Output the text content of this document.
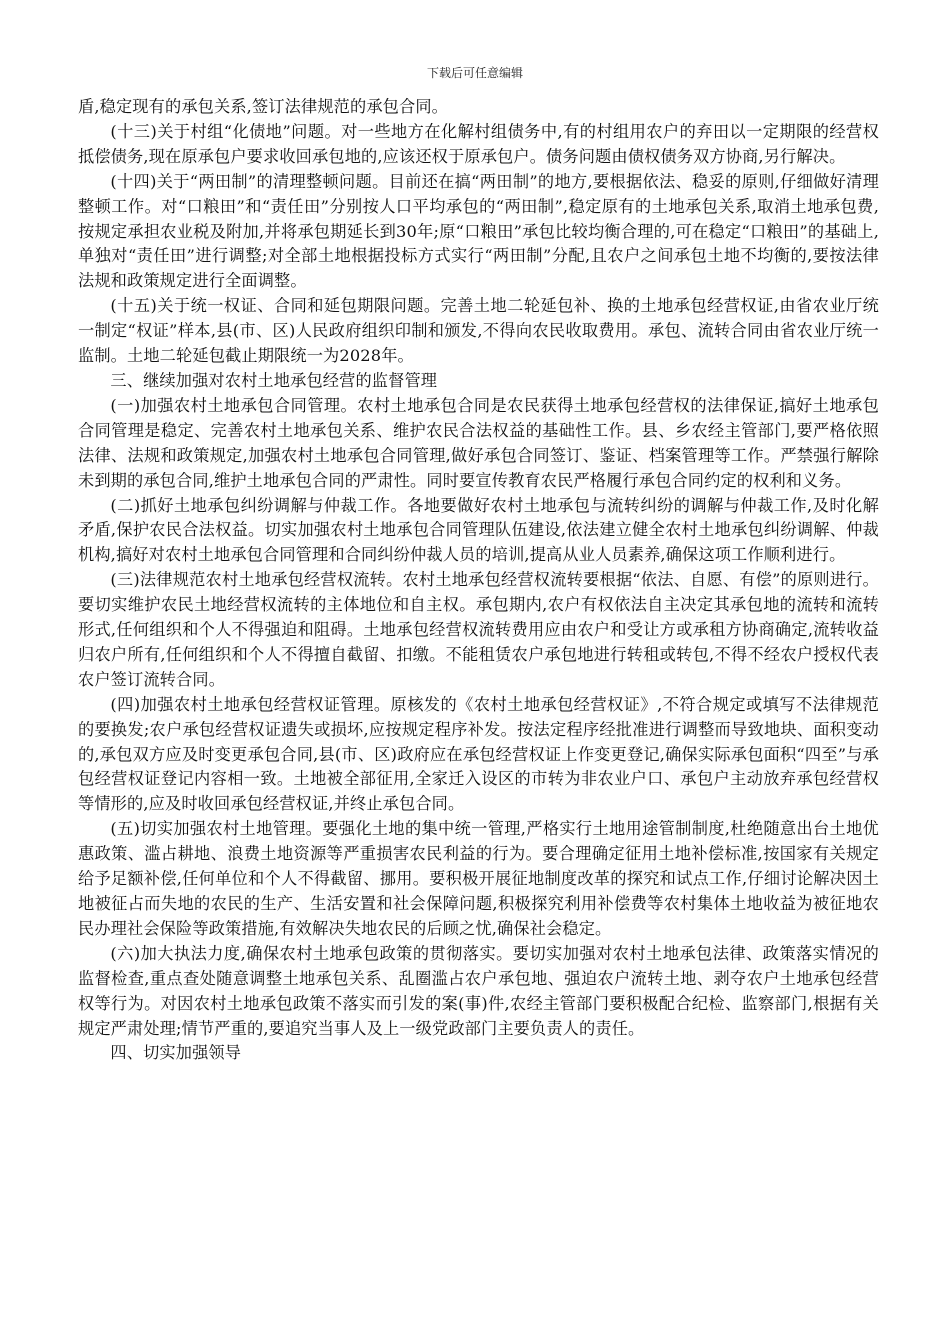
下载后可任意编辑

盾,稳定现有的承包关系,签订法律规范的承包合同。

(十三)关于村组“化债地”问题。对一些地方在化解村组债务中,有的村组用农户的弃田以一定期限的经营权抵偿债务,现在原承包户要求收回承包地的,应该还权于原承包户。债务问题由债权债务双方协商,另行解决。

(十四)关于“两田制”的清理整顿问题。目前还在搞“两田制”的地方,要根据依法、稳妥的原则,仔细做好清理整顿工作。对“口粮田”和“责任田”分别按人口平均承包的“两田制”,稳定原有的土地承包关系,取消土地承包费,按规定承担农业税及附加,并将承包期延长到30年;原“口粮田”承包比较均衡合理的,可在稳定“口粮田”的基础上,单独对“责任田”进行调整;对全部土地根据投标方式实行“两田制”分配,且农户之间承包土地不均衡的,要按法律法规和政策规定进行全面调整。

(十五)关于统一权证、合同和延包期限问题。完善土地二轮延包补、换的土地承包经营权证,由省农业厅统一制定“权证”样本,县(市、区)人民政府组织印制和颁发,不得向农民收取费用。承包、流转合同由省农业厅统一监制。土地二轮延包截止期限统一为2028年。

三、继续加强对农村土地承包经营的监督管理

(一)加强农村土地承包合同管理。农村土地承包合同是农民获得土地承包经营权的法律保证,搞好土地承包合同管理是稳定、完善农村土地承包关系、维护农民合法权益的基础性工作。县、乡农经主管部门,要严格依照法律、法规和政策规定,加强农村土地承包合同管理,做好承包合同签订、鉴证、档案管理等工作。严禁强行解除未到期的承包合同,维护土地承包合同的严肃性。同时要宣传教育农民严格履行承包合同约定的权利和义务。

(二)抓好土地承包纠纷调解与仲裁工作。各地要做好农村土地承包与流转纠纷的调解与仲裁工作,及时化解矛盾,保护农民合法权益。切实加强农村土地承包合同管理队伍建设,依法建立健全农村土地承包纠纷调解、仲裁机构,搞好对农村土地承包合同管理和合同纠纷仲裁人员的培训,提高从业人员素养,确保这项工作顺利进行。

(三)法律规范农村土地承包经营权流转。农村土地承包经营权流转要根据“依法、自愿、有偿”的原则进行。要切实维护农民土地经营权流转的主体地位和自主权。承包期内,农户有权依法自主决定其承包地的流转和流转形式,任何组织和个人不得强迫和阻碍。土地承包经营权流转费用应由农户和受让方或承租方协商确定,流转收益归农户所有,任何组织和个人不得擅自截留、扣缴。不能租赁农户承包地进行转租或转包,不得不经农户授权代表农户签订流转合同。

(四)加强农村土地承包经营权证管理。原核发的《农村土地承包经营权证》,不符合规定或填写不法律规范的要换发;农户承包经营权证遗失或损坏,应按规定程序补发。按法定程序经批准进行调整而导致地块、面积变动的,承包双方应及时变更承包合同,县(市、区)政府应在承包经营权证上作变更登记,确保实际承包面积“四至”与承包经营权证登记内容相一致。土地被全部征用,全家迁入设区的市转为非农业户口、承包户主动放弃承包经营权等情形的,应及时收回承包经营权证,并终止承包合同。

(五)切实加强农村土地管理。要强化土地的集中统一管理,严格实行土地用途管制制度,杜绝随意出台土地优惠政策、滥占耕地、浪费土地资源等严重损害农民利益的行为。要合理确定征用土地补偿标准,按国家有关规定给予足额补偿,任何单位和个人不得截留、挪用。要积极开展征地制度改革的探究和试点工作,仔细讨论解决因土地被征占而失地的农民的生产、生活安置和社会保障问题,积极探究利用补偿费等农村集体土地收益为被征地农民办理社会保险等政策措施,有效解决失地农民的后顾之忧,确保社会稳定。

(六)加大执法力度,确保农村土地承包政策的贯彻落实。要切实加强对农村土地承包法律、政策落实情况的监督检查,重点查处随意调整土地承包关系、乱圈滥占农户承包地、强迫农户流转土地、剥夺农户土地承包经营权等行为。对因农村土地承包政策不落实而引发的案(事)件,农经主管部门要积极配合纪检、监察部门,根据有关规定严肃处理;情节严重的,要追究当事人及上一级党政部门主要负责人的责任。

四、切实加强领导
